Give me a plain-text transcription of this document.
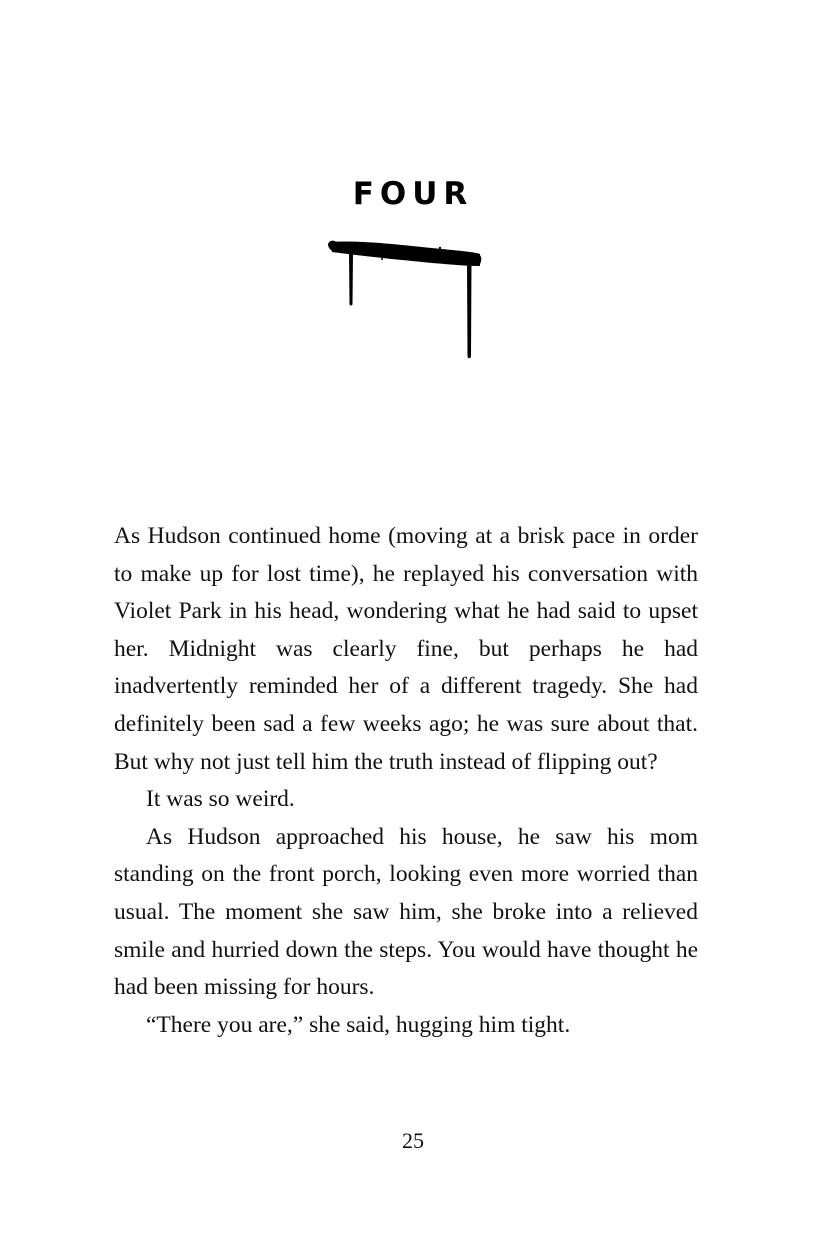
FOUR

As Hudson continued home (moving at a brisk pace in order to make up for lost time), he replayed his conversation with Violet Park in his head, wondering what he had said to upset her. Midnight was clearly fine, but perhaps he had inadvertently reminded her of a different tragedy. She had definitely been sad a few weeks ago; he was sure about that. But why not just tell him the truth instead of flipping out?

It was so weird.

As Hudson approached his house, he saw his mom standing on the front porch, looking even more worried than usual. The moment she saw him, she broke into a relieved smile and hurried down the steps. You would have thought he had been missing for hours.

“There you are,” she said, hugging him tight.

25
